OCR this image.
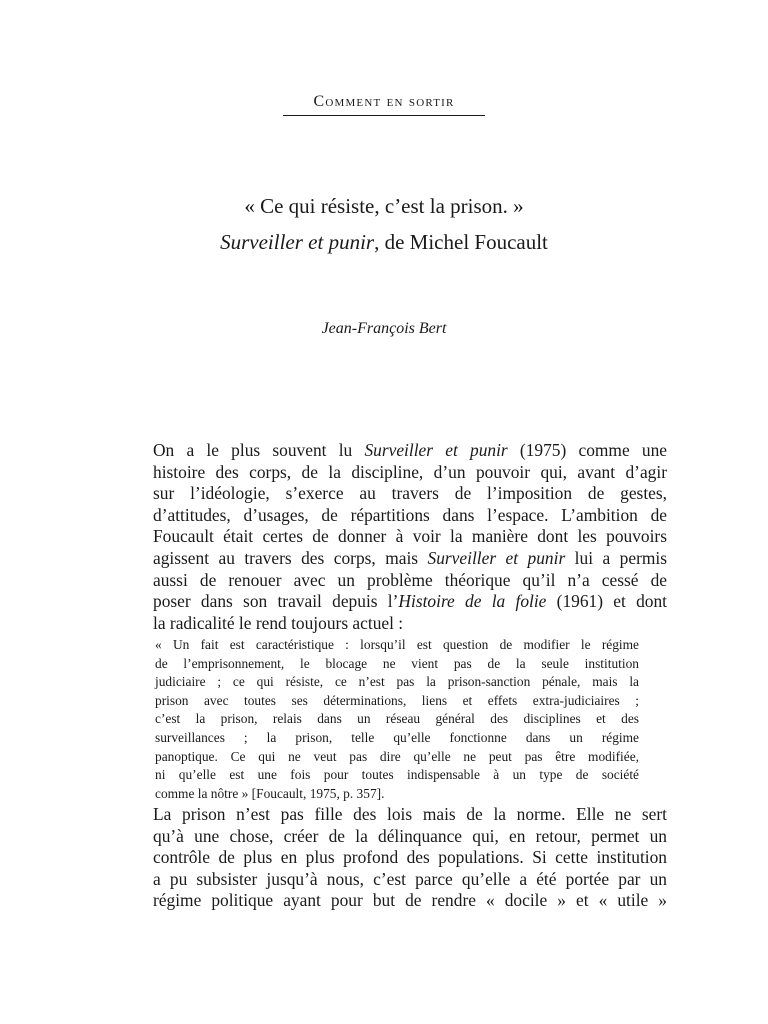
Comment en sortir
« Ce qui résiste, c’est la prison. »
Surveiller et punir, de Michel Foucault
Jean-François Bert
On a le plus souvent lu Surveiller et punir (1975) comme une
histoire des corps, de la discipline, d’un pouvoir qui, avant d’agir
sur l’idéologie, s’exerce au travers de l’imposition de gestes,
d’attitudes, d’usages, de répartitions dans l’espace. L’ambition de
Foucault était certes de donner à voir la manière dont les pouvoirs
agissent au travers des corps, mais Surveiller et punir lui a permis
aussi de renouer avec un problème théorique qu’il n’a cessé de
poser dans son travail depuis l’Histoire de la folie (1961) et dont
la radicalité le rend toujours actuel :
« Un fait est caractéristique : lorsqu’il est question de modifier le régime
de l’emprisonnement, le blocage ne vient pas de la seule institution
judiciaire ; ce qui résiste, ce n’est pas la prison-sanction pénale, mais la
prison avec toutes ses déterminations, liens et effets extra-judiciaires ;
c’est la prison, relais dans un réseau général des disciplines et des
surveillances ; la prison, telle qu’elle fonctionne dans un régime
panoptique. Ce qui ne veut pas dire qu’elle ne peut pas être modifiée,
ni qu’elle est une fois pour toutes indispensable à un type de société
comme la nôtre » [Foucault, 1975, p. 357].
La prison n’est pas fille des lois mais de la norme. Elle ne sert
qu’à une chose, créer de la délinquance qui, en retour, permet un
contrôle de plus en plus profond des populations. Si cette institution
a pu subsister jusqu’à nous, c’est parce qu’elle a été portée par un
régime politique ayant pour but de rendre « docile » et « utile »
